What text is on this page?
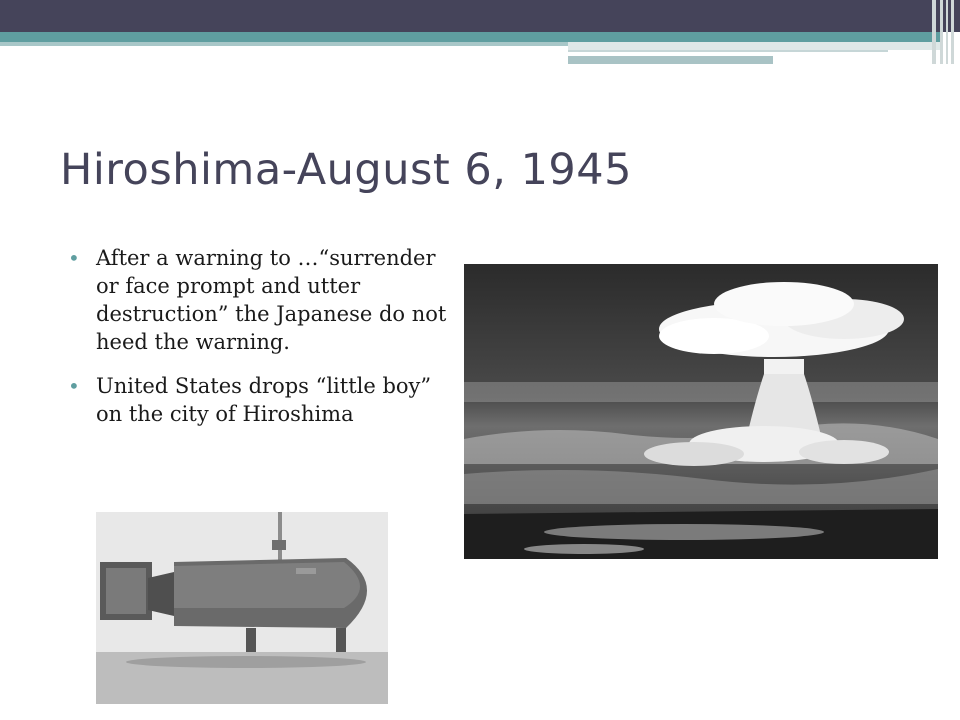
Hiroshima-August 6, 1945
• After a warning to …“surrender or face prompt and utter destruction” the Japanese do not heed the warning.
• United States drops “little boy” on the city of Hiroshima
